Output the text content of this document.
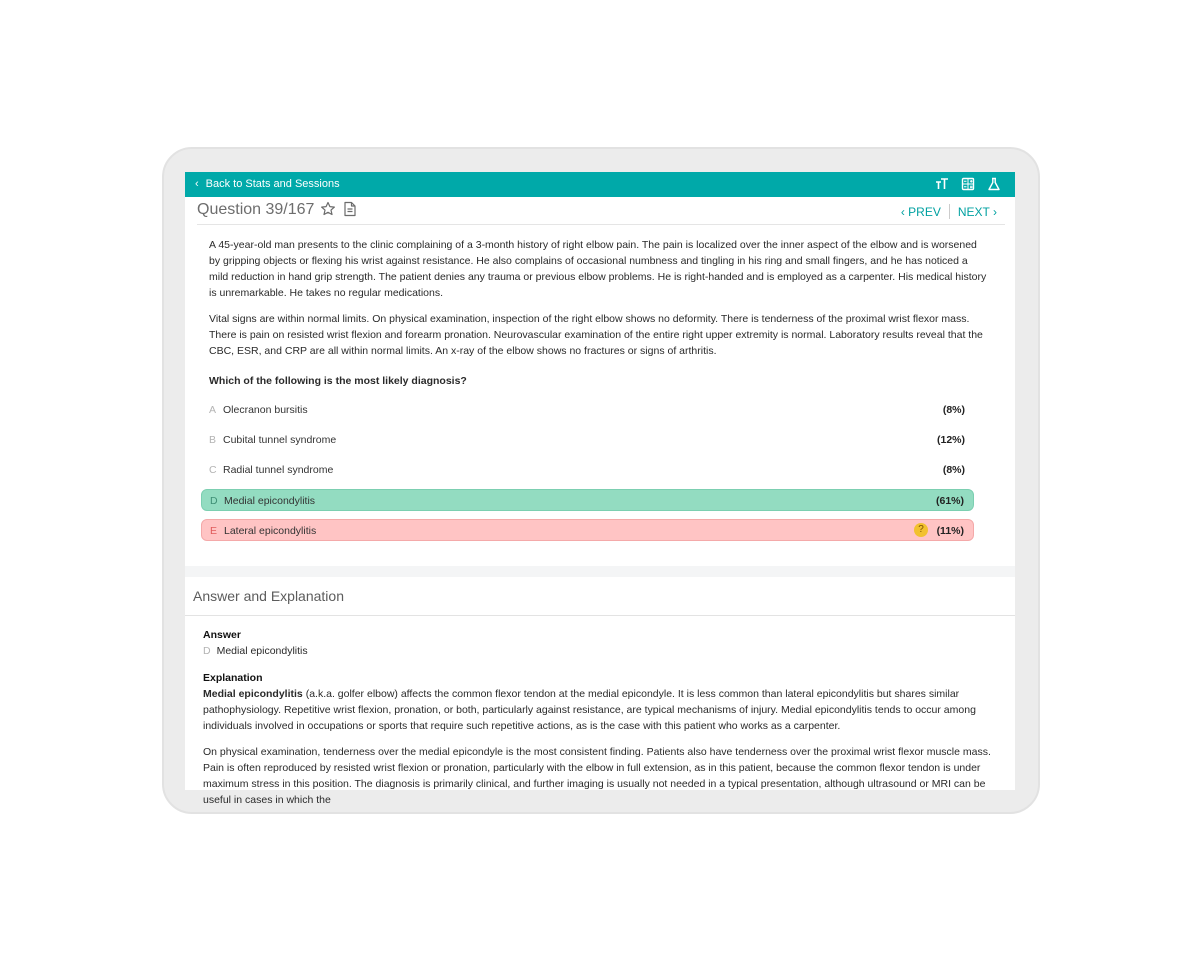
‹ Back to Stats and Sessions
Question 39/167	‹ PREV NEXT ›

A 45-year-old man presents to the clinic complaining of a 3-month history of right elbow pain. The pain is localized over the inner aspect of the elbow and is worsened by gripping objects or flexing his wrist against resistance. He also complains of occasional numbness and tingling in his ring and small fingers, and he has noticed a mild reduction in hand grip strength. The patient denies any trauma or previous elbow problems. He is right-handed and is employed as a carpenter. His medical history is unremarkable. He takes no regular medications.

Vital signs are within normal limits. On physical examination, inspection of the right elbow shows no deformity. There is tenderness of the proximal wrist flexor mass. There is pain on resisted wrist flexion and forearm pronation. Neurovascular examination of the entire right upper extremity is normal. Laboratory results reveal that the CBC, ESR, and CRP are all within normal limits. An x-ray of the elbow shows no fractures or signs of arthritis.

Which of the following is the most likely diagnosis?

A Olecranon bursitis	(8%)
B Cubital tunnel syndrome	(12%)
C Radial tunnel syndrome	(8%)
D Medial epicondylitis	(61%)
E Lateral epicondylitis	?	(11%)
Answer and Explanation
Answer
D Medial epicondylitis
Explanation

Medial epicondylitis (a.k.a. golfer elbow) affects the common flexor tendon at the medial epicondyle. It is less common than lateral epicondylitis but shares similar pathophysiology. Repetitive wrist flexion, pronation, or both, particularly against resistance, are typical mechanisms of injury. Medial epicondylitis tends to occur among individuals involved in occupations or sports that require such repetitive actions, as is the case with this patient who works as a carpenter.

On physical examination, tenderness over the medial epicondyle is the most consistent finding. Patients also have tenderness over the proximal wrist flexor muscle mass. Pain is often reproduced by resisted wrist flexion or pronation, particularly with the elbow in full extension, as in this patient, because the common flexor tendon is under maximum stress in this position. The diagnosis is primarily clinical, and further imaging is usually not needed in a typical presentation, although ultrasound or MRI can be useful in cases in which the
